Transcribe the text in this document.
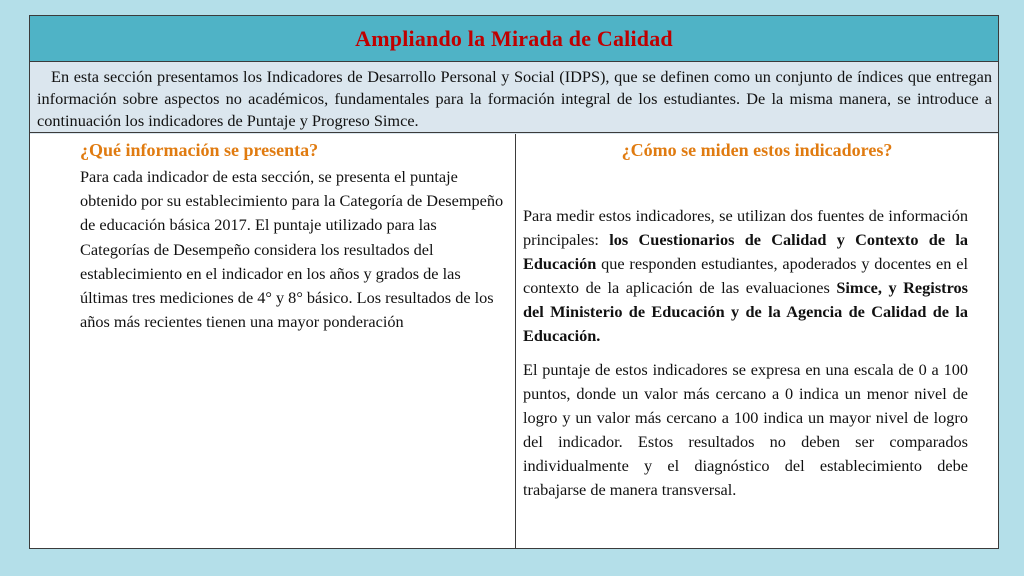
Ampliando la Mirada de Calidad
En esta sección presentamos los Indicadores de Desarrollo Personal y Social (IDPS), que se definen como un conjunto de índices que entregan información sobre aspectos no académicos, fundamentales para la formación integral de los estudiantes. De la misma manera, se introduce a continuación los indicadores de Puntaje y Progreso Simce.
¿Qué información se presenta?
Para cada indicador de esta sección, se presenta el puntaje obtenido por su establecimiento para la Categoría de Desempeño de educación básica 2017. El puntaje utilizado para las Categorías de Desempeño considera los resultados del establecimiento en el indicador en los años y grados de las últimas tres mediciones de 4° y 8° básico. Los resultados de los años más recientes tienen una mayor ponderación
¿Cómo se miden estos indicadores?

Para medir estos indicadores, se utilizan dos fuentes de información principales: los Cuestionarios de Calidad y Contexto de la Educación que responden estudiantes, apoderados y docentes en el contexto de la aplicación de las evaluaciones Simce, y Registros del Ministerio de Educación y de la Agencia de Calidad de la Educación.

El puntaje de estos indicadores se expresa en una escala de 0 a 100 puntos, donde un valor más cercano a 0 indica un menor nivel de logro y un valor más cercano a 100 indica un mayor nivel de logro del indicador. Estos resultados no deben ser comparados individualmente y el diagnóstico del establecimiento debe trabajarse de manera transversal.
